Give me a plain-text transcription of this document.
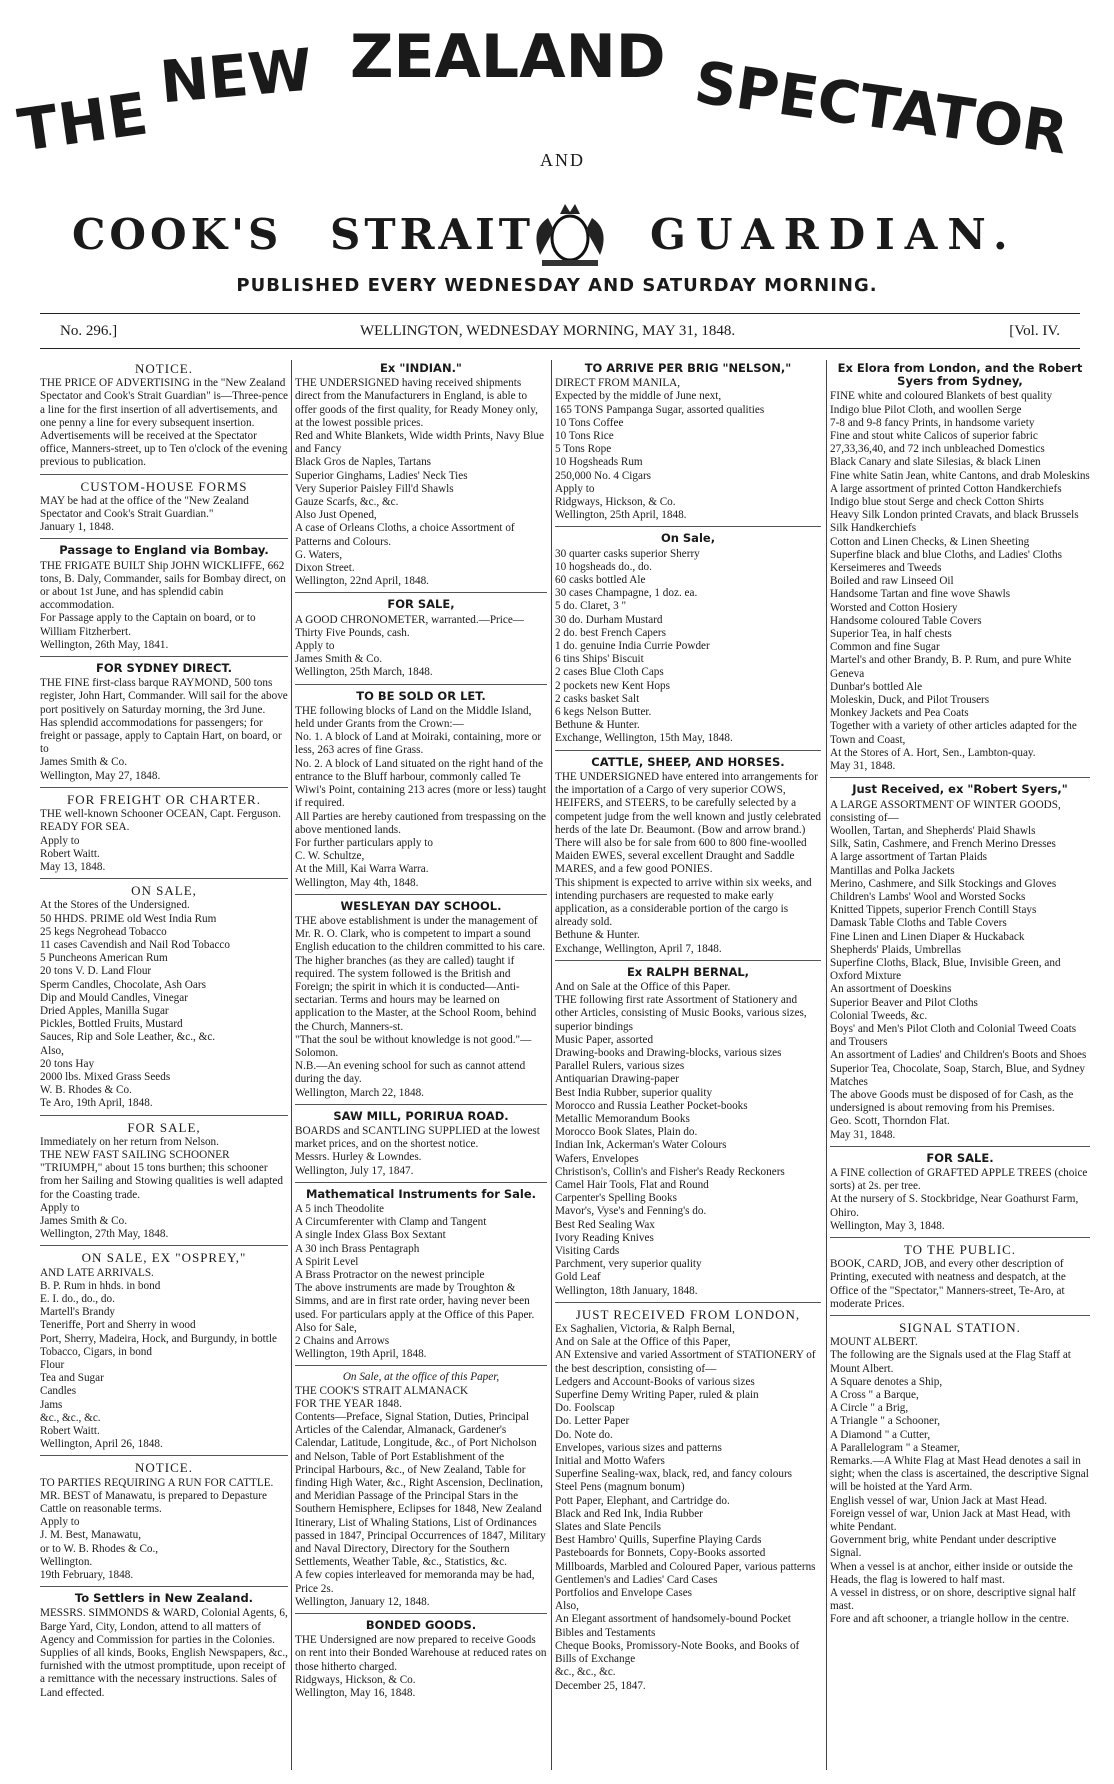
THE
NEW ZEALAND SPECTATOR
AND
COOK'S STRAIT	GUARDIAN.
PUBLISHED EVERY WEDNESDAY AND SATURDAY MORNING.
No. 296.]	WELLINGTON, WEDNESDAY MORNING, MAY 31, 1848.	[Vol. IV.
NOTICE.
THE PRICE OF ADVERTISING in the "New Zealand Spectator and Cook's Strait Guardian" is—Three-pence a line for the first insertion of all advertisements, and one penny a line for every subsequent insertion.
Advertisements will be received at the Spectator office, Manners-street, up to Ten o'clock of the evening previous to publication.
CUSTOM-HOUSE FORMS
MAY be had at the office of the "New Zealand Spectator and Cook's Strait Guardian."
January 1, 1848.
Passage to England via Bombay.
THE FRIGATE BUILT Ship JOHN WICKLIFFE, 662 tons, B. Daly, Commander, sails for Bombay direct, on or about 1st June, and has splendid cabin accommodation.
For Passage apply to the Captain on board, or to
William Fitzherbert.
Wellington, 26th May, 1841.
FOR SYDNEY DIRECT.
THE FINE first-class barque RAYMOND, 500 tons register, John Hart, Commander. Will sail for the above port positively on Saturday morning, the 3rd June.
Has splendid accommodations for passengers; for freight or passage, apply to Captain Hart, on board, or to
James Smith & Co.
Wellington, May 27, 1848.
FOR FREIGHT OR CHARTER.
THE well-known Schooner OCEAN, Capt. Ferguson.
READY FOR SEA.
Apply to
Robert Waitt.
May 13, 1848.
ON SALE,
At the Stores of the Undersigned.
50 HHDS. PRIME old West India Rum
25 kegs Negrohead Tobacco
11 cases Cavendish and Nail Rod Tobacco
5 Puncheons American Rum
20 tons V. D. Land Flour
Sperm Candles, Chocolate, Ash Oars
Dip and Mould Candles, Vinegar
Dried Apples, Manilla Sugar
Pickles, Bottled Fruits, Mustard
Sauces, Rip and Sole Leather, &c., &c.
Also,
20 tons Hay
2000 lbs. Mixed Grass Seeds
W. B. Rhodes & Co.
Te Aro, 19th April, 1848.
FOR SALE,
Immediately on her return from Nelson.
THE NEW FAST SAILING SCHOONER "TRIUMPH," about 15 tons burthen; this schooner from her Sailing and Stowing qualities is well adapted for the Coasting trade.
Apply to
James Smith & Co.
Wellington, 27th May, 1848.
ON SALE, EX "OSPREY,"
AND LATE ARRIVALS.
B. P. Rum in hhds. in bond
E. I. do., do., do.
Martell's Brandy
Teneriffe, Port and Sherry in wood
Port, Sherry, Madeira, Hock, and Burgundy, in bottle
Tobacco, Cigars, in bond
Flour
Tea and Sugar
Candles
Jams
&c., &c., &c.
Robert Waitt.
Wellington, April 26, 1848.
NOTICE.
TO PARTIES REQUIRING A RUN FOR CATTLE.
MR. BEST of Manawatu, is prepared to Depasture Cattle on reasonable terms.
Apply to
J. M. Best, Manawatu,
or to W. B. Rhodes & Co.,
Wellington.
19th February, 1848.
To Settlers in New Zealand.
MESSRS. SIMMONDS & WARD, Colonial Agents, 6, Barge Yard, City, London, attend to all matters of Agency and Commission for parties in the Colonies. Supplies of all kinds, Books, English Newspapers, &c., furnished with the utmost promptitude, upon receipt of a remittance with the necessary instructions. Sales of Land effected.
Ex "INDIAN."
THE UNDERSIGNED having received shipments direct from the Manufacturers in England, is able to offer goods of the first quality, for Ready Money only, at the lowest possible prices.
Red and White Blankets, Wide width Prints, Navy Blue and Fancy
Black Gros de Naples, Tartans
Superior Ginghams, Ladies' Neck Ties
Very Superior Paisley Fill'd Shawls
Gauze Scarfs, &c., &c.
Also Just Opened,
A case of Orleans Cloths, a choice Assortment of Patterns and Colours.
G. Waters,
Dixon Street.
Wellington, 22nd April, 1848.
FOR SALE,
A GOOD CHRONOMETER, warranted.—Price—Thirty Five Pounds, cash.
Apply to
James Smith & Co.
Wellington, 25th March, 1848.
TO BE SOLD OR LET.
THE following blocks of Land on the Middle Island, held under Grants from the Crown:—
No. 1. A block of Land at Moiraki, containing, more or less, 263 acres of fine Grass.
No. 2. A block of Land situated on the right hand of the entrance to the Bluff harbour, commonly called Te Wiwi's Point, containing 213 acres (more or less) taught if required.
All Parties are hereby cautioned from trespassing on the above mentioned lands.
For further particulars apply to
C. W. Schultze,
At the Mill, Kai Warra Warra.
Wellington, May 4th, 1848.
WESLEYAN DAY SCHOOL.
THE above establishment is under the management of Mr. R. O. Clark, who is competent to impart a sound English education to the children committed to his care. The higher branches (as they are called) taught if required. The system followed is the British and Foreign; the spirit in which it is conducted—Anti-sectarian. Terms and hours may be learned on application to the Master, at the School Room, behind the Church, Manners-st.
"That the soul be without knowledge is not good."—Solomon.
N.B.—An evening school for such as cannot attend during the day.
Wellington, March 22, 1848.
SAW MILL, PORIRUA ROAD.
BOARDS and SCANTLING SUPPLIED at the lowest market prices, and on the shortest notice.
Messrs. Hurley & Lowndes.
Wellington, July 17, 1847.
Mathematical Instruments for Sale.
A 5 inch Theodolite
A Circumferenter with Clamp and Tangent
A single Index Glass Box Sextant
A 30 inch Brass Pentagraph
A Spirit Level
A Brass Protractor on the newest principle
The above instruments are made by Troughton & Simms, and are in first rate order, having never been used. For particulars apply at the Office of this Paper.
Also for Sale,
2 Chains and Arrows
Wellington, 19th April, 1848.
On Sale, at the office of this Paper,
THE COOK'S STRAIT ALMANACK
FOR THE YEAR 1848.
Contents—Preface, Signal Station, Duties, Principal Articles of the Calendar, Almanack, Gardener's Calendar, Latitude, Longitude, &c., of Port Nicholson and Nelson, Table of Port Establishment of the Principal Harbours, &c., of New Zealand, Table for finding High Water, &c., Right Ascension, Declination, and Meridian Passage of the Principal Stars in the Southern Hemisphere, Eclipses for 1848, New Zealand Itinerary, List of Whaling Stations, List of Ordinances passed in 1847, Principal Occurrences of 1847, Military and Naval Directory, Directory for the Southern Settlements, Weather Table, &c., Statistics, &c.
A few copies interleaved for memoranda may be had, Price 2s.
Wellington, January 12, 1848.
BONDED GOODS.
THE Undersigned are now prepared to receive Goods on rent into their Bonded Warehouse at reduced rates on those hitherto charged.
Ridgways, Hickson, & Co.
Wellington, May 16, 1848.
TO ARRIVE PER BRIG "NELSON,"
DIRECT FROM MANILA,
Expected by the middle of June next,
165 TONS Pampanga Sugar, assorted qualities
10 Tons Coffee
10 Tons Rice
5 Tons Rope
10 Hogsheads Rum
250,000 No. 4 Cigars
Apply to
Ridgways, Hickson, & Co.
Wellington, 25th April, 1848.
On Sale,
30 quarter casks superior Sherry
10 hogsheads do., do.
60 casks bottled Ale
30 cases Champagne, 1 doz. ea.
5 do. Claret, 3 "
30 do. Durham Mustard
2 do. best French Capers
1 do. genuine India Currie Powder
6 tins Ships' Biscuit
2 cases Blue Cloth Caps
2 pockets new Kent Hops
2 casks basket Salt
6 kegs Nelson Butter.
Bethune & Hunter.
Exchange, Wellington, 15th May, 1848.
CATTLE, SHEEP, AND HORSES.
THE UNDERSIGNED have entered into arrangements for the importation of a Cargo of very superior COWS, HEIFERS, and STEERS, to be carefully selected by a competent judge from the well known and justly celebrated herds of the late Dr. Beaumont. (Bow and arrow brand.)
There will also be for sale from 600 to 800 fine-woolled Maiden EWES, several excellent Draught and Saddle MARES, and a few good PONIES.
This shipment is expected to arrive within six weeks, and intending purchasers are requested to make early application, as a considerable portion of the cargo is already sold.
Bethune & Hunter.
Exchange, Wellington, April 7, 1848.
Ex RALPH BERNAL,
And on Sale at the Office of this Paper.
THE following first rate Assortment of Stationery and other Articles, consisting of Music Books, various sizes, superior bindings
Music Paper, assorted
Drawing-books and Drawing-blocks, various sizes
Parallel Rulers, various sizes
Antiquarian Drawing-paper
Best India Rubber, superior quality
Morocco and Russia Leather Pocket-books
Metallic Memorandum Books
Morocco Book Slates, Plain do.
Indian Ink, Ackerman's Water Colours
Wafers, Envelopes
Christison's, Collin's and Fisher's Ready Reckoners
Camel Hair Tools, Flat and Round
Carpenter's Spelling Books
Mavor's, Vyse's and Fenning's do.
Best Red Sealing Wax
Ivory Reading Knives
Visiting Cards
Parchment, very superior quality
Gold Leaf
Wellington, 18th January, 1848.
JUST RECEIVED FROM LONDON,
Ex Saghalien, Victoria, & Ralph Bernal,
And on Sale at the Office of this Paper,
AN Extensive and varied Assortment of STATIONERY of the best description, consisting of—
Ledgers and Account-Books of various sizes
Superfine Demy Writing Paper, ruled & plain
Do. Foolscap
Do. Letter Paper
Do. Note do.
Envelopes, various sizes and patterns
Initial and Motto Wafers
Superfine Sealing-wax, black, red, and fancy colours
Steel Pens (magnum bonum)
Pott Paper, Elephant, and Cartridge do.
Black and Red Ink, India Rubber
Slates and Slate Pencils
Best Hambro' Quills, Superfine Playing Cards
Pasteboards for Bonnets, Copy-Books assorted
Millboards, Marbled and Coloured Paper, various patterns
Gentlemen's and Ladies' Card Cases
Portfolios and Envelope Cases
Also,
An Elegant assortment of handsomely-bound Pocket Bibles and Testaments
Cheque Books, Promissory-Note Books, and Books of Bills of Exchange
&c., &c., &c.
December 25, 1847.
Ex Elora from London, and the Robert Syers from Sydney,
FINE white and coloured Blankets of best quality
Indigo blue Pilot Cloth, and woollen Serge
7-8 and 9-8 fancy Prints, in handsome variety
Fine and stout white Calicos of superior fabric
27,33,36,40, and 72 inch unbleached Domestics
Black Canary and slate Silesias, & black Linen
Fine white Satin Jean, white Cantons, and drab Moleskins
A large assortment of printed Cotton Handkerchiefs
Indigo blue stout Serge and check Cotton Shirts
Heavy Silk London printed Cravats, and black Brussels Silk Handkerchiefs
Cotton and Linen Checks, & Linen Sheeting
Superfine black and blue Cloths, and Ladies' Cloths
Kerseimeres and Tweeds
Boiled and raw Linseed Oil
Handsome Tartan and fine wove Shawls
Worsted and Cotton Hosiery
Handsome coloured Table Covers
Superior Tea, in half chests
Common and fine Sugar
Martel's and other Brandy, B. P. Rum, and pure White Geneva
Dunbar's bottled Ale
Moleskin, Duck, and Pilot Trousers
Monkey Jackets and Pea Coats
Together with a variety of other articles adapted for the Town and Coast,
At the Stores of A. Hort, Sen., Lambton-quay.
May 31, 1848.
Just Received, ex "Robert Syers,"
A LARGE ASSORTMENT OF WINTER GOODS, consisting of—
Woollen, Tartan, and Shepherds' Plaid Shawls
Silk, Satin, Cashmere, and French Merino Dresses
A large assortment of Tartan Plaids
Mantillas and Polka Jackets
Merino, Cashmere, and Silk Stockings and Gloves
Children's Lambs' Wool and Worsted Socks
Knitted Tippets, superior French Contill Stays
Damask Table Cloths and Table Covers
Fine Linen and Linen Diaper & Huckaback
Shepherds' Plaids, Umbrellas
Superfine Cloths, Black, Blue, Invisible Green, and Oxford Mixture
An assortment of Doeskins
Superior Beaver and Pilot Cloths
Colonial Tweeds, &c.
Boys' and Men's Pilot Cloth and Colonial Tweed Coats and Trousers
An assortment of Ladies' and Children's Boots and Shoes
Superior Tea, Chocolate, Soap, Starch, Blue, and Sydney Matches
The above Goods must be disposed of for Cash, as the undersigned is about removing from his Premises.
Geo. Scott, Thorndon Flat.
May 31, 1848.
FOR SALE.
A FINE collection of GRAFTED APPLE TREES (choice sorts) at 2s. per tree.
At the nursery of S. Stockbridge, Near Goathurst Farm, Ohiro.
Wellington, May 3, 1848.
TO THE PUBLIC.
BOOK, CARD, JOB, and every other description of Printing, executed with neatness and despatch, at the Office of the "Spectator," Manners-street, Te-Aro, at moderate Prices.
SIGNAL STATION.
MOUNT ALBERT.
The following are the Signals used at the Flag Staff at Mount Albert.
A Square denotes a Ship,
A Cross " a Barque,
A Circle " a Brig,
A Triangle " a Schooner,
A Diamond " a Cutter,
A Parallelogram " a Steamer,
Remarks.—A White Flag at Mast Head denotes a sail in sight; when the class is ascertained, the descriptive Signal will be hoisted at the Yard Arm.
English vessel of war, Union Jack at Mast Head.
Foreign vessel of war, Union Jack at Mast Head, with white Pendant.
Government brig, white Pendant under descriptive Signal.
When a vessel is at anchor, either inside or outside the Heads, the flag is lowered to half mast.
A vessel in distress, or on shore, descriptive signal half mast.
Fore and aft schooner, a triangle hollow in the centre.
